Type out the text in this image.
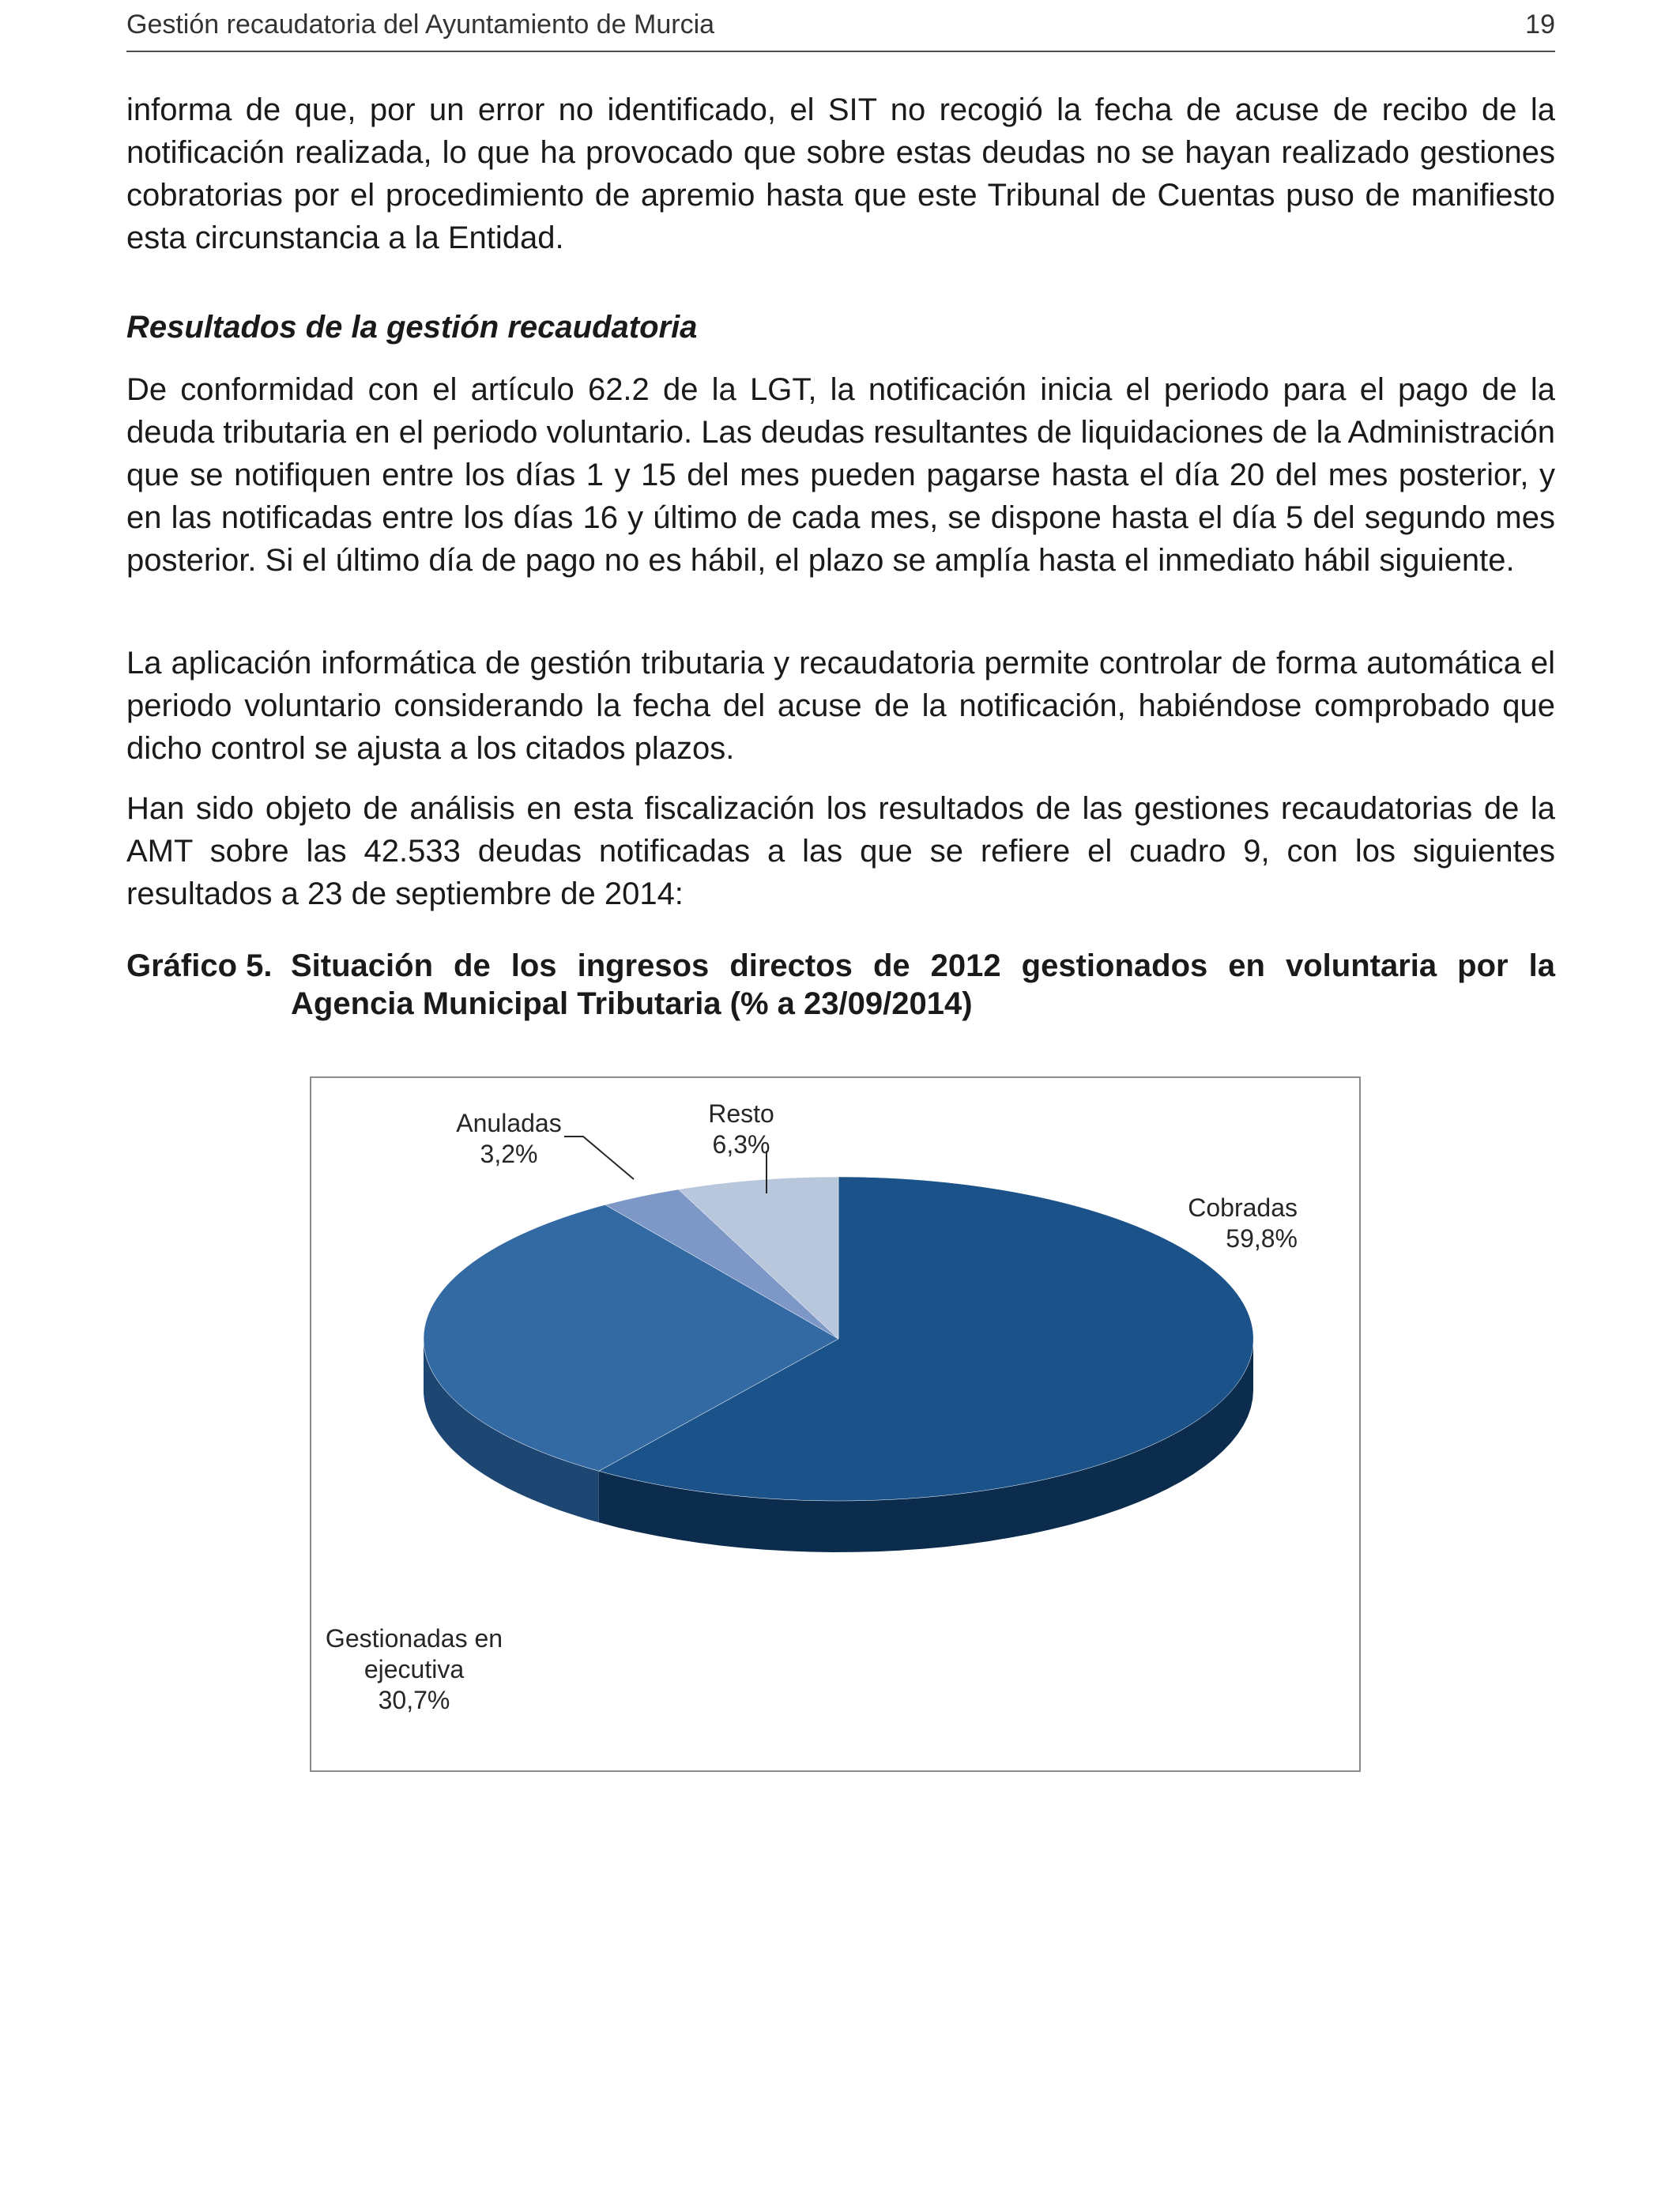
Gestión recaudatoria del Ayuntamiento de Murcia	19

informa de que, por un error no identificado, el SIT no recogió la fecha de acuse de recibo de la notificación realizada, lo que ha provocado que sobre estas deudas no se hayan realizado gestiones cobratorias por el procedimiento de apremio hasta que este Tribunal de Cuentas puso de manifiesto esta circunstancia a la Entidad.

Resultados de la gestión recaudatoria

De conformidad con el artículo 62.2 de la LGT, la notificación inicia el periodo para el pago de la deuda tributaria en el periodo voluntario. Las deudas resultantes de liquidaciones de la Administración que se notifiquen entre los días 1 y 15 del mes pueden pagarse hasta el día 20 del mes posterior, y en las notificadas entre los días 16 y último de cada mes, se dispone hasta el día 5 del segundo mes posterior. Si el último día de pago no es hábil, el plazo se amplía hasta el inmediato hábil siguiente.

La aplicación informática de gestión tributaria y recaudatoria permite controlar de forma automática el periodo voluntario considerando la fecha del acuse de la notificación, habiéndose comprobado que dicho control se ajusta a los citados plazos.

Han sido objeto de análisis en esta fiscalización los resultados de las gestiones recaudatorias de la AMT sobre las 42.533 deudas notificadas a las que se refiere el cuadro 9, con los siguientes resultados a 23 de septiembre de 2014:

Gráfico 5. Situación de los ingresos directos de 2012 gestionados en voluntaria por la Agencia Municipal Tributaria (% a 23/09/2014)
Cobradas
59,8%
Gestionadas en
ejecutiva
30,7%
Anuladas
3,2%
Resto
6,3%
